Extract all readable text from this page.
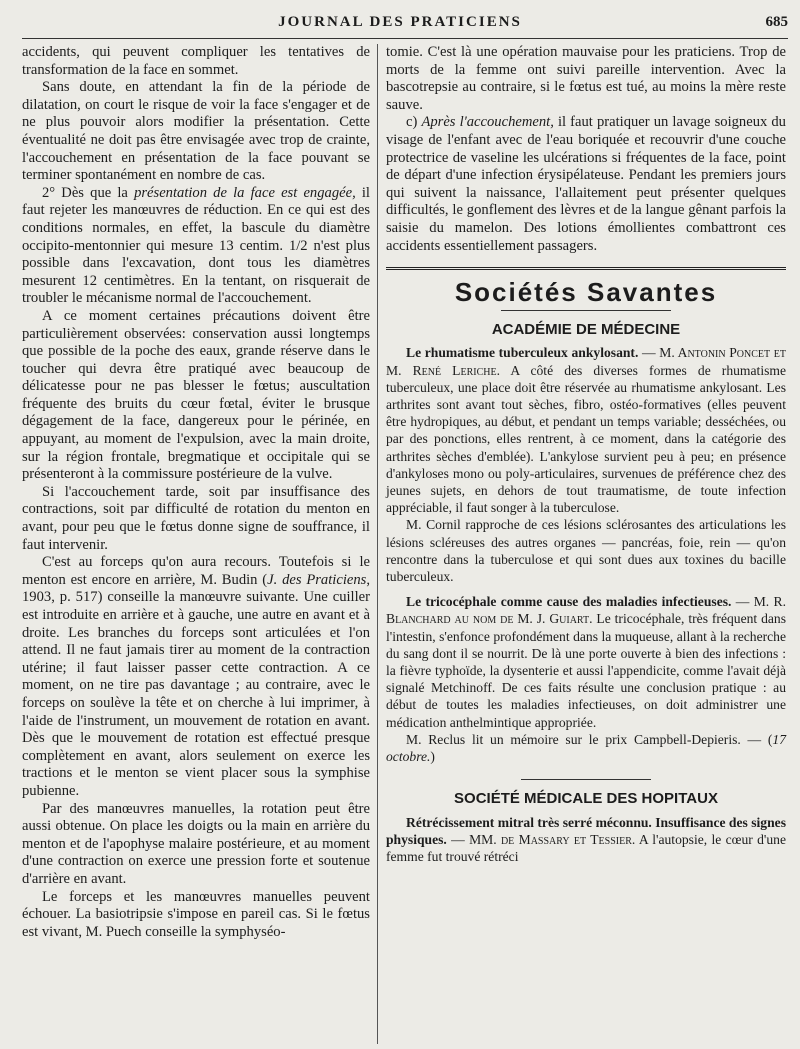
JOURNAL DES PRATICIENS	685

accidents, qui peuvent compliquer les tentatives de transformation de la face en sommet.

Sans doute, en attendant la fin de la période de dilatation, on court le risque de voir la face s'engager et de ne plus pouvoir alors modifier la présentation. Cette éventualité ne doit pas être envisagée avec trop de crainte, l'accouchement en présentation de la face pouvant se terminer spontanément en nombre de cas.

2° Dès que la présentation de la face est engagée, il faut rejeter les manœuvres de réduction. En ce qui est des conditions normales, en effet, la bascule du diamètre occipito-mentonnier qui mesure 13 centim. 1/2 n'est plus possible dans l'excavation, dont tous les diamètres mesurent 12 centimètres. En la tentant, on risquerait de troubler le mécanisme normal de l'accouchement.

A ce moment certaines précautions doivent être particulièrement observées: conservation aussi longtemps que possible de la poche des eaux, grande réserve dans le toucher qui devra être pratiqué avec beaucoup de délicatesse pour ne pas blesser le fœtus; auscultation fréquente des bruits du cœur fœtal, éviter le brusque dégagement de la face, dangereux pour le périnée, en appuyant, au moment de l'expulsion, avec la main droite, sur la région frontale, bregmatique et occipitale qui se présenteront à la commissure postérieure de la vulve.

Si l'accouchement tarde, soit par insuffisance des contractions, soit par difficulté de rotation du menton en avant, pour peu que le fœtus donne signe de souffrance, il faut intervenir.

C'est au forceps qu'on aura recours. Toutefois si le menton est encore en arrière, M. Budin (J. des Praticiens, 1903, p. 517) conseille la manœuvre suivante. Une cuiller est introduite en arrière et à gauche, une autre en avant et à droite. Les branches du forceps sont articulées et l'on attend. Il ne faut jamais tirer au moment de la contraction utérine; il faut laisser passer cette contraction. A ce moment, on ne tire pas davantage ; au contraire, avec le forceps on soulève la tête et on cherche à lui imprimer, à l'aide de l'instrument, un mouvement de rotation en avant. Dès que le mouvement de rotation est effectué presque complètement en avant, alors seulement on exerce les tractions et le menton se vient placer sous la symphise pubienne.

Par des manœuvres manuelles, la rotation peut être aussi obtenue. On place les doigts ou la main en arrière du menton et de l'apophyse malaire postérieure, et au moment d'une contraction on exerce une pression forte et soutenue d'arrière en avant.

Le forceps et les manœuvres manuelles peuvent échouer. La basiotripsie s'impose en pareil cas. Si le fœtus est vivant, M. Puech conseille la symphyséo-

tomie. C'est là une opération mauvaise pour les praticiens. Trop de morts de la femme ont suivi pareille intervention. Avec la bascotrepsie au contraire, si le fœtus est tué, au moins la mère reste sauve.

c) Après l'accouchement, il faut pratiquer un lavage soigneux du visage de l'enfant avec de l'eau boriquée et recouvrir d'une couche protectrice de vaseline les ulcérations si fréquentes de la face, point de départ d'une infection érysipélateuse. Pendant les premiers jours qui suivent la naissance, l'allaitement peut présenter quelques difficultés, le gonflement des lèvres et de la langue gênant parfois la saisie du mamelon. Des lotions émollientes combattront ces accidents essentiellement passagers.

Sociétés Savantes
ACADÉMIE DE MÉDECINE

Le rhumatisme tuberculeux ankylosant. — M. Antonin Poncet et M. René Leriche. A côté des diverses formes de rhumatisme tuberculeux, une place doit être réservée au rhumatisme ankylosant. Les arthrites sont avant tout sèches, fibro, ostéo-formatives (elles peuvent être hydropiques, au début, et pendant un temps variable; desséchées, ou par des ponctions, elles rentrent, à ce moment, dans la catégorie des arthrites sèches d'emblée). L'ankylose survient peu à peu; en présence d'ankyloses mono ou poly-articulaires, survenues de préférence chez des jeunes sujets, en dehors de tout traumatisme, de toute infection appréciable, il faut songer à la tuberculose.

M. Cornil rapproche de ces lésions sclérosantes des articulations les lésions scléreuses des autres organes — pancréas, foie, rein — qu'on rencontre dans la tuberculose et qui sont dues aux toxines du bacille tuberculeux.

Le tricocéphale comme cause des maladies infectieuses. — M. R. Blanchard au nom de M. J. Guiart. Le tricocéphale, très fréquent dans l'intestin, s'enfonce profondément dans la muqueuse, allant à la recherche du sang dont il se nourrit. De là une porte ouverte à bien des infections : la fièvre typhoïde, la dysenterie et aussi l'appendicite, comme l'avait déjà signalé Metchinoff. De ces faits résulte une conclusion pratique : au début de toutes les maladies infectieuses, on doit administrer une médication anthelmintique appropriée.

M. Reclus lit un mémoire sur le prix Campbell-Depieris. — (17 octobre.)

SOCIÉTÉ MÉDICALE DES HOPITAUX

Rétrécissement mitral très serré méconnu. Insuffisance des signes physiques. — MM. de Massary et Tessier. A l'autopsie, le cœur d'une femme fut trouvé rétréci
